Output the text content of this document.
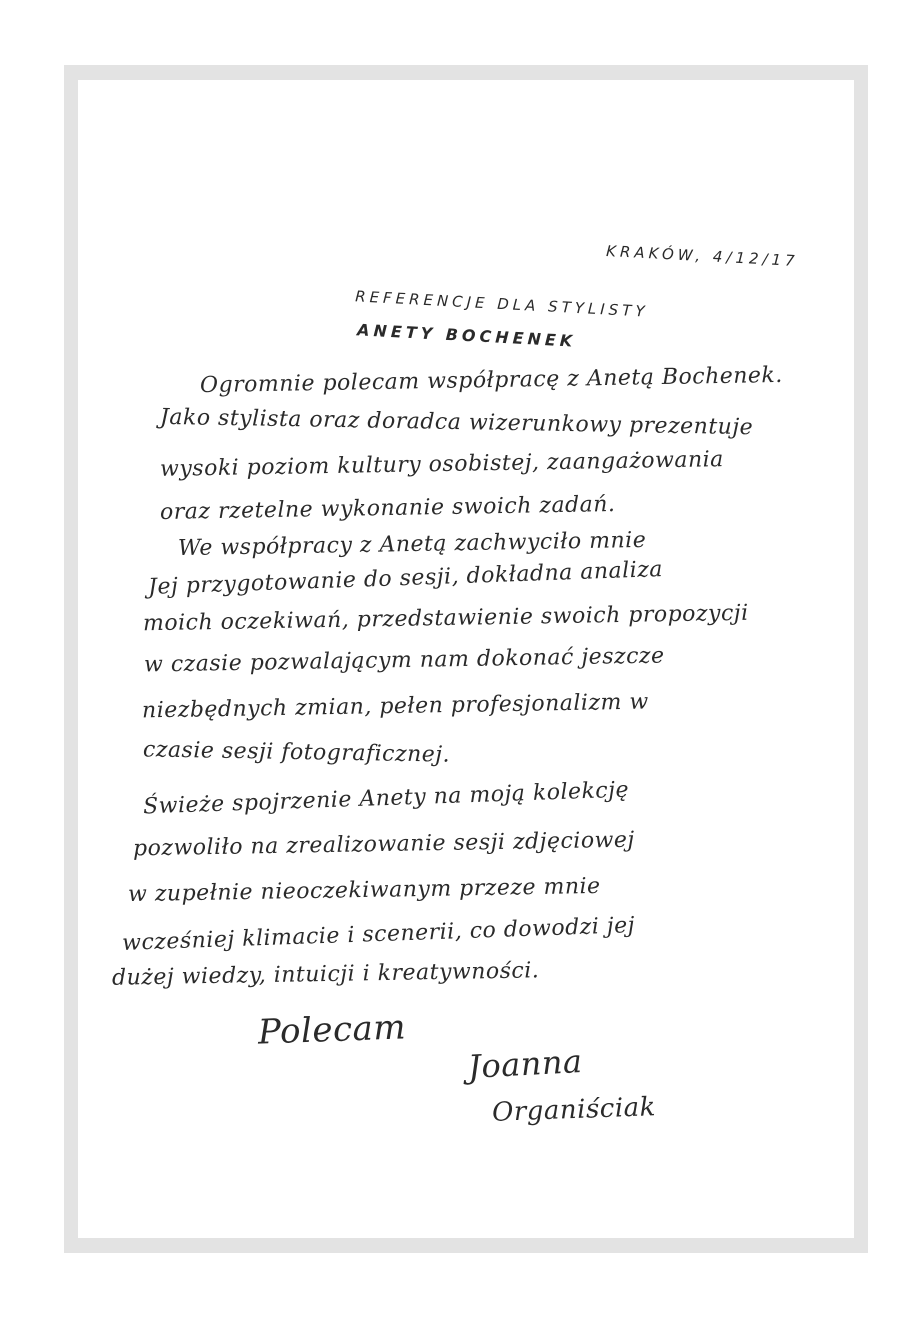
KRAKÓW, 4/12/17
REFERENCJE DLA STYLISTY
ANETY BOCHENEK
Ogromnie polecam współpracę z Anetą Bochenek.
Jako stylista oraz doradca wizerunkowy prezentuje
wysoki poziom kultury osobistej, zaangażowania
oraz rzetelne wykonanie swoich zadań.
We współpracy z Anetą zachwyciło mnie
Jej przygotowanie do sesji, dokładna analiza
moich oczekiwań, przedstawienie swoich propozycji
w czasie pozwalającym nam dokonać jeszcze
niezbędnych zmian, pełen profesjonalizm w
czasie sesji fotograficznej.
Świeże spojrzenie Anety na moją kolekcję
pozwoliło na zrealizowanie sesji zdjęciowej
w zupełnie nieoczekiwanym przeze mnie
wcześniej klimacie i scenerii, co dowodzi jej
dużej wiedzy, intuicji i kreatywności.
Polecam
Joanna
Organiściak
